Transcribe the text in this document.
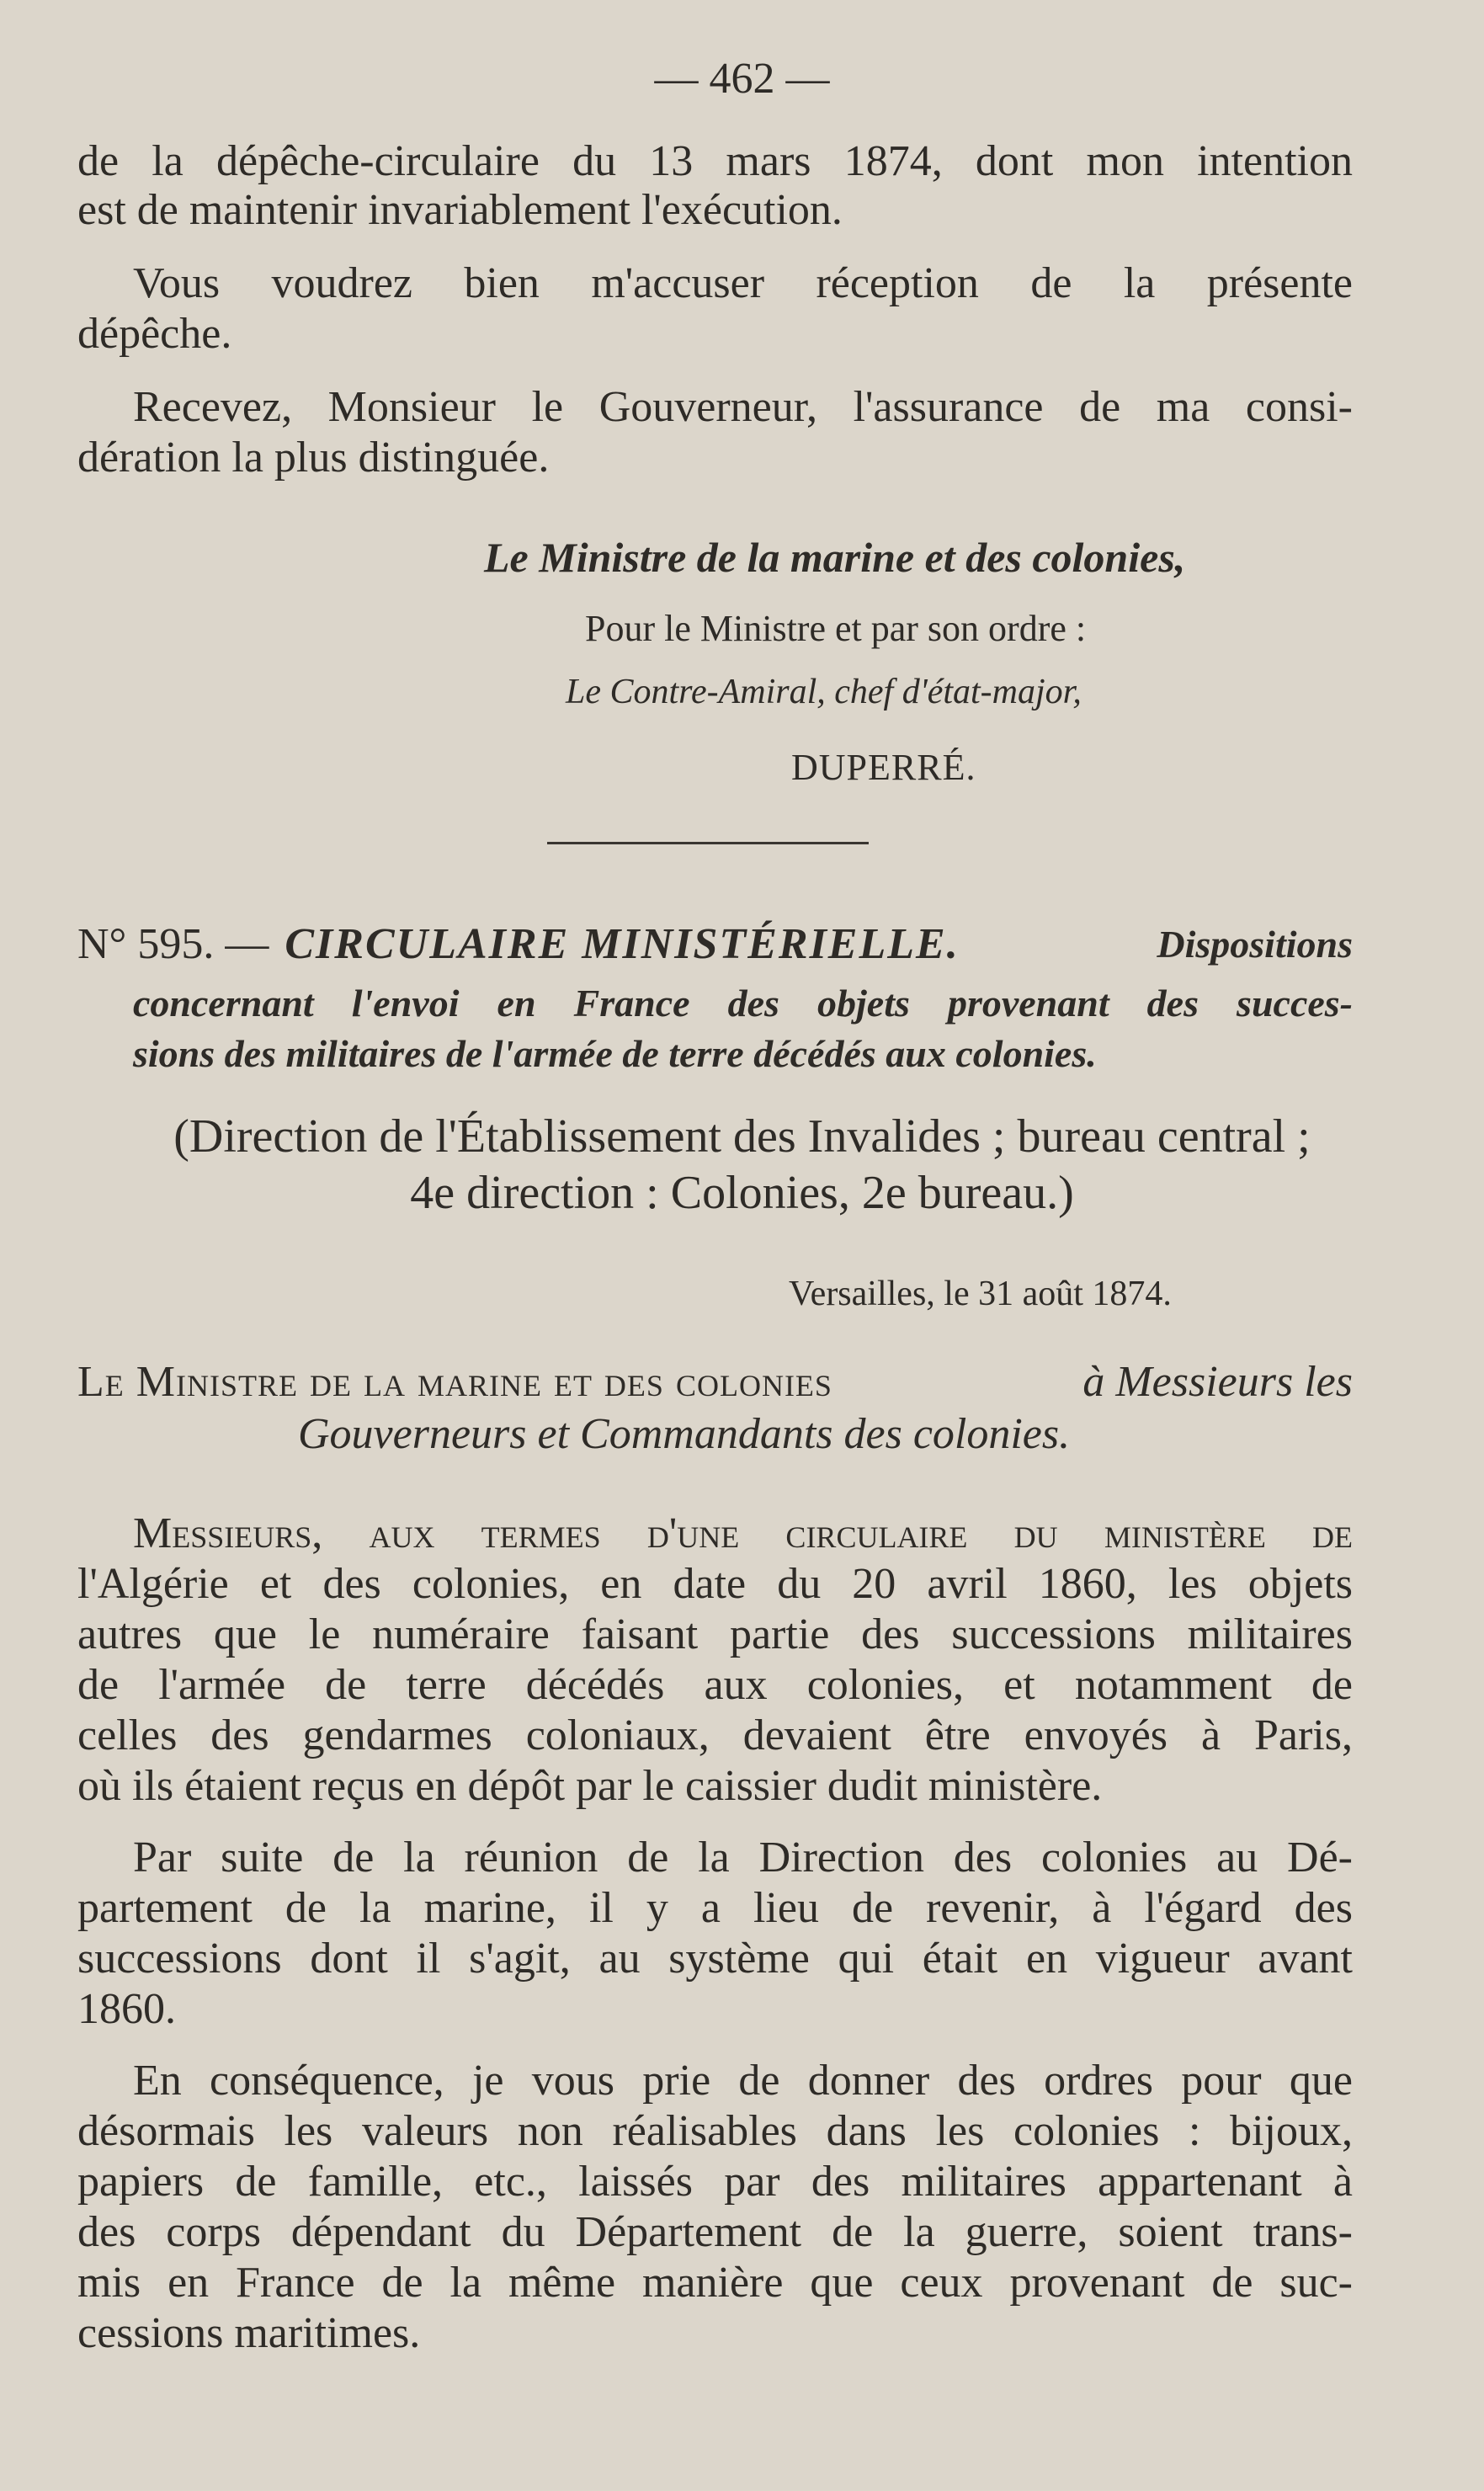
— 462 —

de la dépêche-circulaire du 13 mars 1874, dont mon intention

est de maintenir invariablement l'exécution.

Vous voudrez bien m'accuser réception de la présente

dépêche.

Recevez, Monsieur le Gouverneur, l'assurance de ma consi-

dération la plus distinguée.

Le Ministre de la marine et des colonies,

Pour le Ministre et par son ordre :

Le Contre-Amiral, chef d'état-major,

DUPERRÉ.

N° 595. — CIRCULAIRE MINISTÉRIELLE.	Dispositions

concernant l'envoi en France des objets provenant des succes-

sions des militaires de l'armée de terre décédés aux colonies.

(Direction de l'Établissement des Invalides ; bureau central ;

4e direction : Colonies, 2e bureau.)

Versailles, le 31 août 1874.

Le Ministre de la marine et des colonies	à Messieurs les

Gouverneurs et Commandants des colonies.

Messieurs, aux termes d'une circulaire du ministère de

l'Algérie et des colonies, en date du 20 avril 1860, les objets

autres que le numéraire faisant partie des successions militaires

de l'armée de terre décédés aux colonies, et notamment de

celles des gendarmes coloniaux, devaient être envoyés à Paris,

où ils étaient reçus en dépôt par le caissier dudit ministère.

Par suite de la réunion de la Direction des colonies au Dé-

partement de la marine, il y a lieu de revenir, à l'égard des

successions dont il s'agit, au système qui était en vigueur avant

1860.

En conséquence, je vous prie de donner des ordres pour que

désormais les valeurs non réalisables dans les colonies : bijoux,

papiers de famille, etc., laissés par des militaires appartenant à

des corps dépendant du Département de la guerre, soient trans-

mis en France de la même manière que ceux provenant de suc-

cessions maritimes.
